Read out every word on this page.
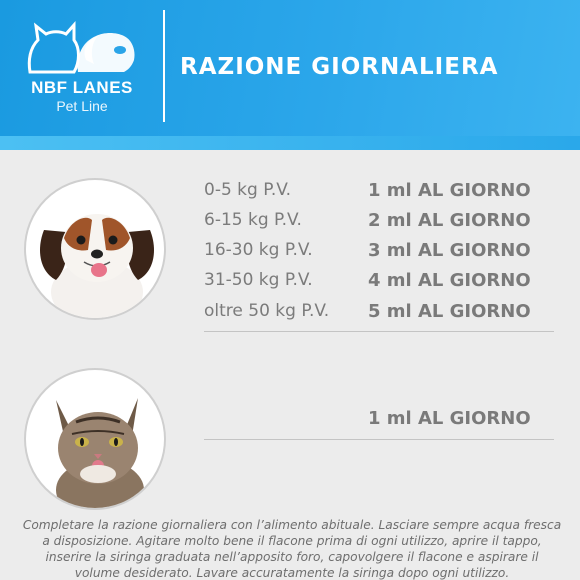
NBF LANES
Pet Line
RAZIONE GIORNALIERA
0-5 kg P.V.	1 ml AL GIORNO
6-15 kg P.V.	2 ml AL GIORNO
16-30 kg P.V.	3 ml AL GIORNO
31-50 kg P.V.	4 ml AL GIORNO
oltre 50 kg P.V. 5 ml AL GIORNO
1 ml AL GIORNO
Completare la razione giornaliera con l’alimento abituale. Lasciare sempre acqua fresca a disposizione. Agitare molto bene il flacone prima di ogni utilizzo, aprire il tappo, inserire la siringa graduata nell’apposito foro, capovolgere il flacone e aspirare il volume desiderato. Lavare accuratamente la siringa dopo ogni utilizzo.
